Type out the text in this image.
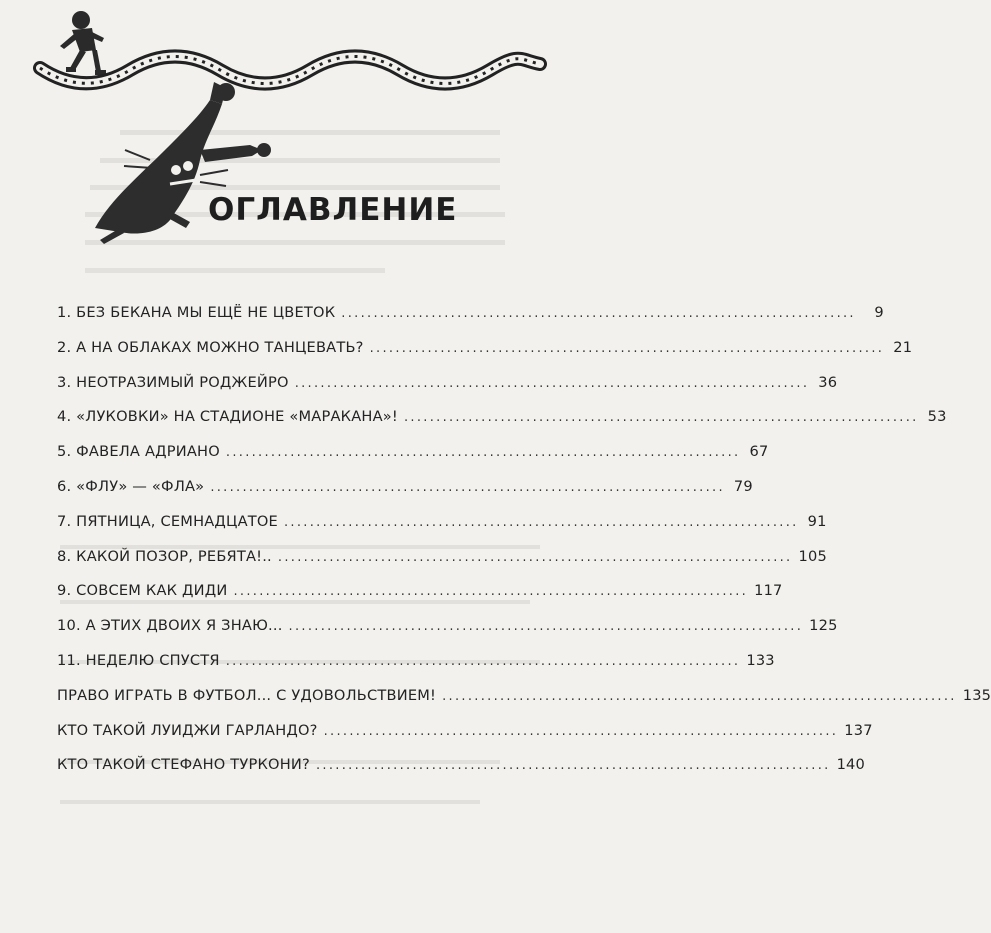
ОГЛАВЛЕНИЕ
1. БЕЗ БЕКАНА МЫ ЕЩЁ НЕ ЦВЕТОК ................................................................................	9
2. А НА ОБЛАКАХ МОЖНО ТАНЦЕВАТЬ? ................................................................................ 21
3. НЕОТРАЗИМЫЙ РОДЖЕЙРО ................................................................................ 36
4. «ЛУКОВКИ» НА СТАДИОНЕ «МАРАКАНА»! ................................................................................ 53
5. ФАВЕЛА АДРИАНО ................................................................................ 67
6. «ФЛУ» — «ФЛА» ................................................................................ 79
7. ПЯТНИЦА, СЕМНАДЦАТОЕ ................................................................................ 91
8. КАКОЙ ПОЗОР, РЕБЯТА!.. ................................................................................ 105
9. СОВСЕМ КАК ДИДИ ................................................................................ 117
10. А ЭТИХ ДВОИХ Я ЗНАЮ... ................................................................................ 125
11. НЕДЕЛЮ СПУСТЯ ................................................................................ 133
ПРАВО ИГРАТЬ В ФУТБОЛ... С УДОВОЛЬСТВИЕМ! ................................................................................ 135
КТО ТАКОЙ ЛУИДЖИ ГАРЛАНДО? ................................................................................ 137
КТО ТАКОЙ СТЕФАНО ТУРКОНИ? ................................................................................ 140
